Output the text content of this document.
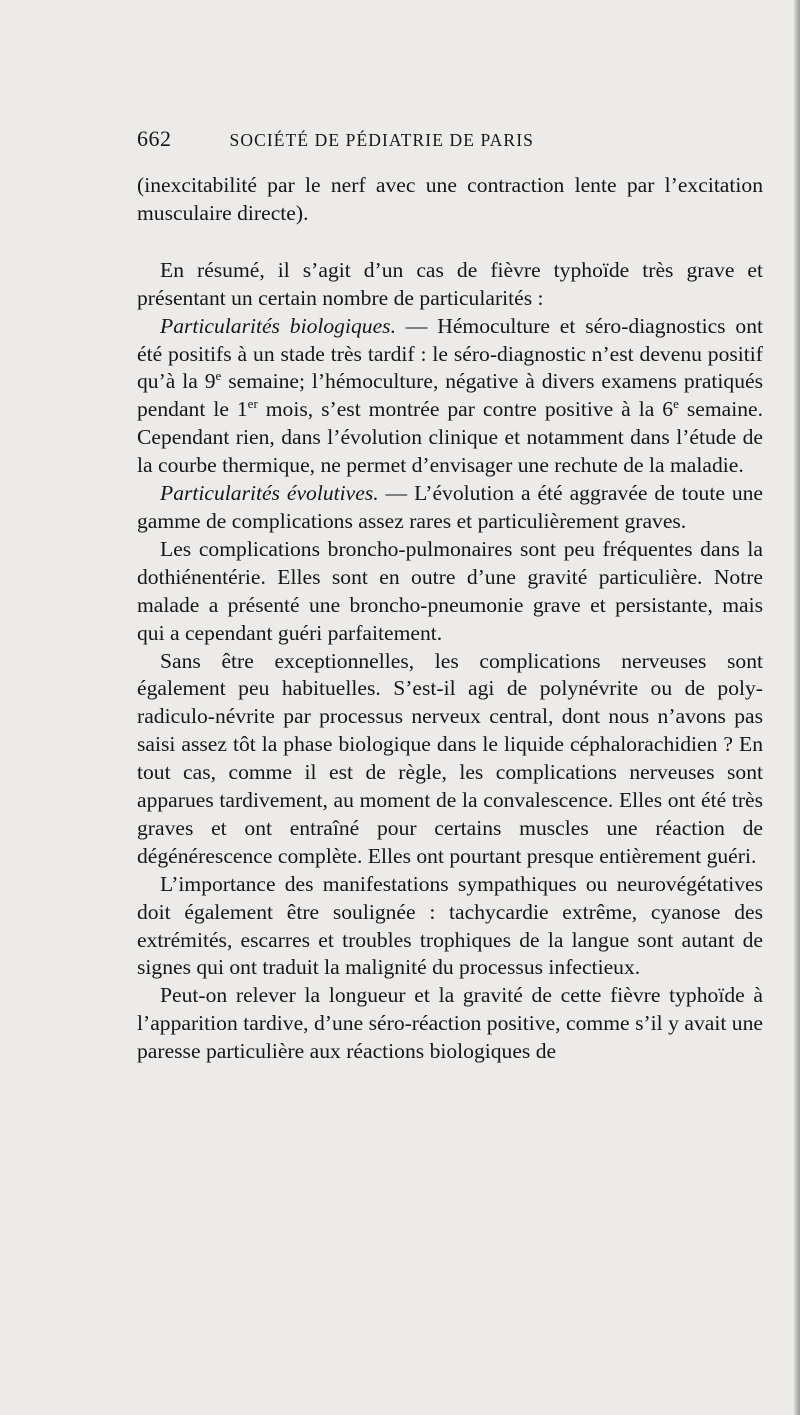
662	SOCIÉTÉ DE PÉDIATRIE DE PARIS

(inexcitabilité par le nerf avec une contraction lente par l’excitation musculaire directe).

En résumé, il s’agit d’un cas de fièvre typhoïde très grave et présentant un certain nombre de particularités :

Particularités biologiques. — Hémoculture et séro-diagnostics ont été positifs à un stade très tardif : le séro-diagnostic n’est devenu positif qu’à la 9e semaine; l’hémoculture, négative à divers examens pratiqués pendant le 1er mois, s’est montrée par contre positive à la 6e semaine. Cependant rien, dans l’évolution clinique et notamment dans l’étude de la courbe thermique, ne permet d’envisager une rechute de la maladie.

Particularités évolutives. — L’évolution a été aggravée de toute une gamme de complications assez rares et particulièrement graves.

Les complications broncho-pulmonaires sont peu fréquentes dans la dothiénentérie. Elles sont en outre d’une gravité particulière. Notre malade a présenté une broncho-pneumonie grave et persistante, mais qui a cependant guéri parfaitement.

Sans être exceptionnelles, les complications nerveuses sont également peu habituelles. S’est-il agi de polynévrite ou de polyradiculo-névrite par processus nerveux central, dont nous n’avons pas saisi assez tôt la phase biologique dans le liquide céphalorachidien ? En tout cas, comme il est de règle, les complications nerveuses sont apparues tardivement, au moment de la convalescence. Elles ont été très graves et ont entraîné pour certains muscles une réaction de dégénérescence complète. Elles ont pourtant presque entièrement guéri.

L’importance des manifestations sympathiques ou neurovégétatives doit également être soulignée : tachycardie extrême, cyanose des extrémités, escarres et troubles trophiques de la langue sont autant de signes qui ont traduit la malignité du processus infectieux.

Peut-on relever la longueur et la gravité de cette fièvre typhoïde à l’apparition tardive, d’une séro-réaction positive, comme s’il y avait une paresse particulière aux réactions biologiques de
